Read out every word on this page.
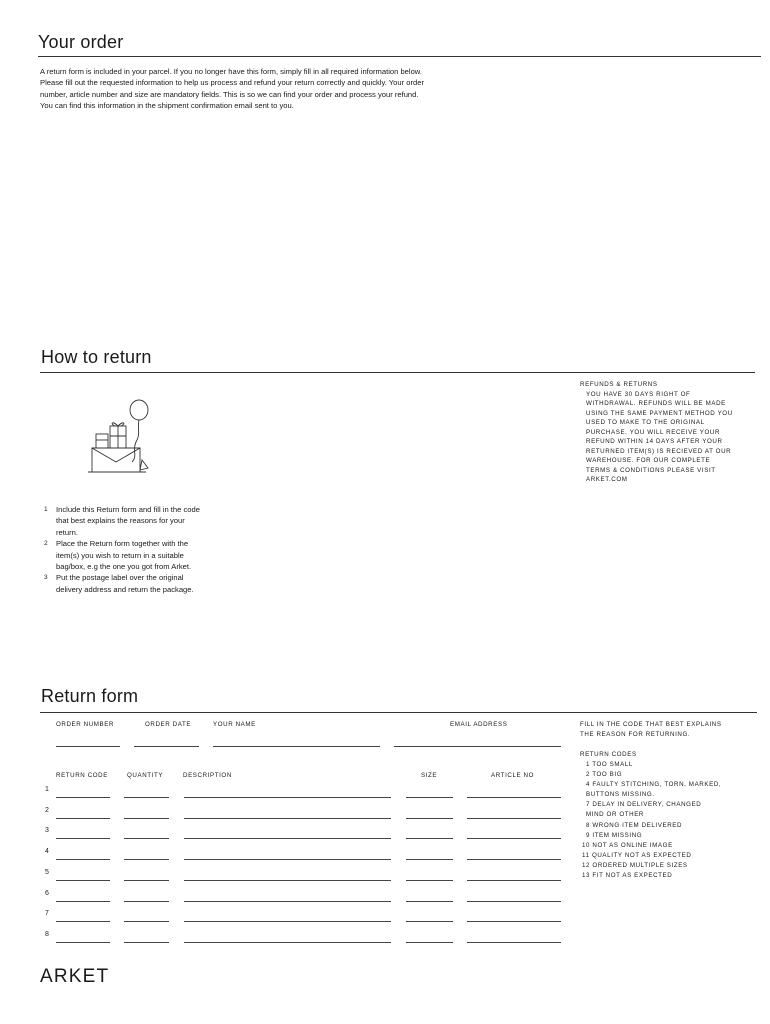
Your order
A return form is included in your parcel. If you no longer have this form, simply fill in all required information below. Please fill out the requested information to help us process and refund your return correctly and quickly. Your order number, article number and size are mandatory fields. This is so we can find your order and process your refund. You can find this information in the shipment confirmation email sent to you.
How to return
REFUNDS & RETURNS
YOU HAVE 30 DAYS RIGHT OF WITHDRAWAL. REFUNDS WILL BE MADE USING THE SAME PAYMENT METHOD YOU USED TO MAKE TO THE ORIGINAL PURCHASE. YOU WILL RECEIVE YOUR REFUND WITHIN 14 DAYS AFTER YOUR RETURNED ITEM(S) IS RECIEVED AT OUR WAREHOUSE. FOR OUR COMPLETE TERMS & CONDITIONS PLEASE VISIT ARKET.COM
1	Include this Return form and fill in the code that best explains the reasons for your return.
2	Place the Return form together with the item(s) you wish to return in a suitable bag/box, e.g the one you got from Arket.
3	Put the postage label over the original delivery address and return the package.
Return form
ORDER NUMBER	ORDER DATE	YOUR NAME	EMAIL ADDRESS
RETURN CODE	QUANTITY	DESCRIPTION	SIZE	ARTICLE NO
1
2
3
4
5
6
7
8
FILL IN THE CODE THAT BEST EXPLAINS THE REASON FOR RETURNING.
RETURN CODES
1 TOO SMALL
2 TOO BIG
4 FAULTY STITCHING, TORN, MARKED, BUTTONS MISSING.
7 DELAY IN DELIVERY, CHANGED MIND OR OTHER
8 WRONG ITEM DELIVERED
9 ITEM MISSING
10 NOT AS ONLINE IMAGE
11 QUALITY NOT AS EXPECTED
12 ORDERED MULTIPLE SIZES
13 FIT NOT AS EXPECTED
ARKET
